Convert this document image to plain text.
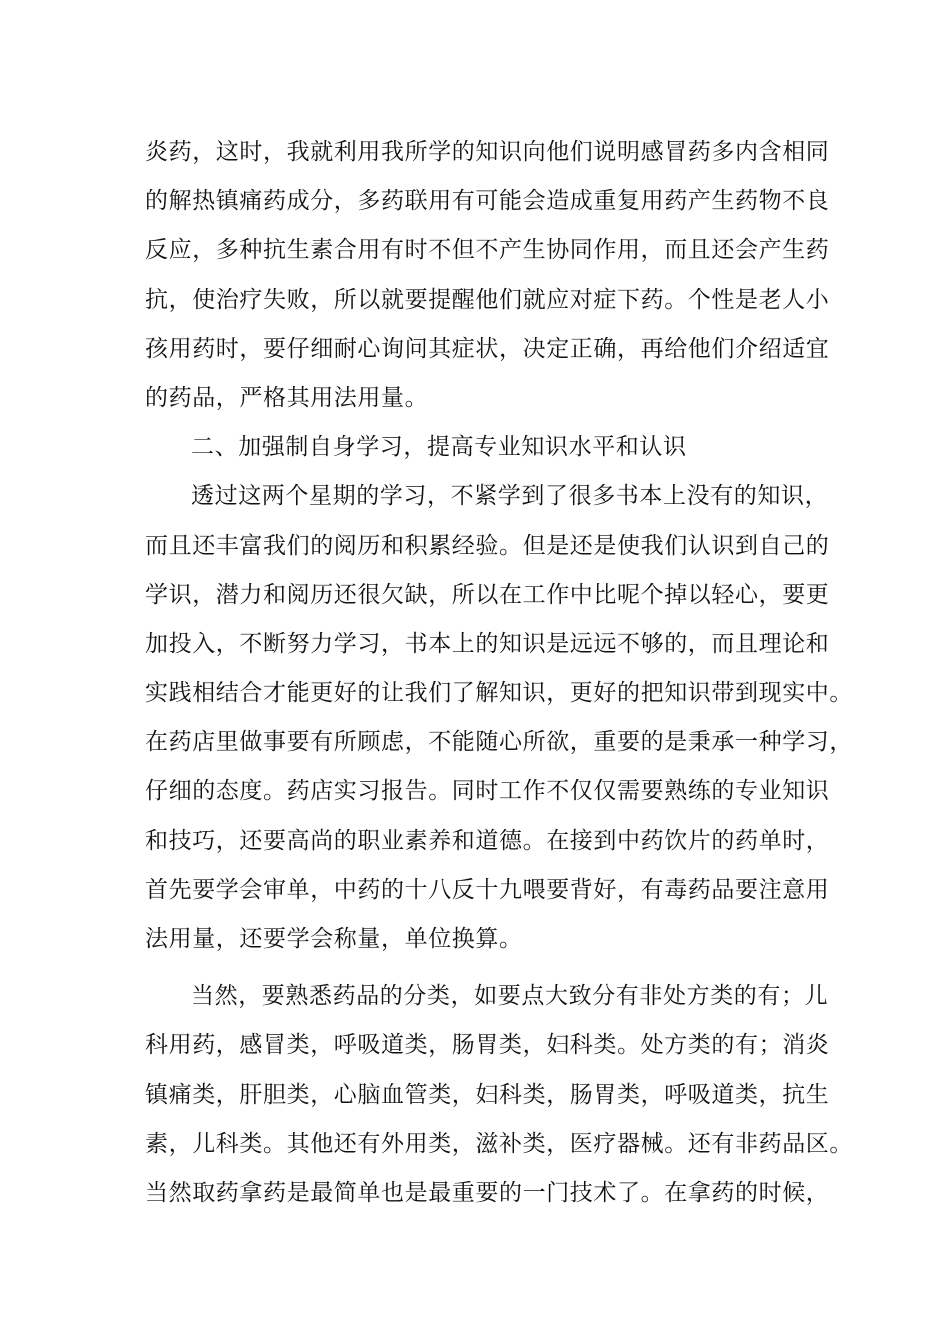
炎药，这时，我就利用我所学的知识向他们说明感冒药多内含相同
的解热镇痛药成分，多药联用有可能会造成重复用药产生药物不良
反应，多种抗生素合用有时不但不产生协同作用，而且还会产生药
抗，使治疗失败，所以就要提醒他们就应对症下药。个性是老人小
孩用药时，要仔细耐心询问其症状，决定正确，再给他们介绍适宜
的药品，严格其用法用量。
二、加强制自身学习，提高专业知识水平和认识
透过这两个星期的学习，不紧学到了很多书本上没有的知识，
而且还丰富我们的阅历和积累经验。但是还是使我们认识到自己的
学识，潜力和阅历还很欠缺，所以在工作中比呢个掉以轻心，要更
加投入，不断努力学习，书本上的知识是远远不够的，而且理论和
实践相结合才能更好的让我们了解知识，更好的把知识带到现实中。
在药店里做事要有所顾虑，不能随心所欲，重要的是秉承一种学习，
仔细的态度。药店实习报告。同时工作不仅仅需要熟练的专业知识
和技巧，还要高尚的职业素养和道德。在接到中药饮片的药单时，
首先要学会审单，中药的十八反十九喂要背好，有毒药品要注意用
法用量，还要学会称量，单位换算。
当然，要熟悉药品的分类，如要点大致分有非处方类的有；儿
科用药，感冒类，呼吸道类，肠胃类，妇科类。处方类的有；消炎
镇痛类，肝胆类，心脑血管类，妇科类，肠胃类，呼吸道类，抗生
素，儿科类。其他还有外用类，滋补类，医疗器械。还有非药品区。
当然取药拿药是最简单也是最重要的一门技术了。在拿药的时候，
